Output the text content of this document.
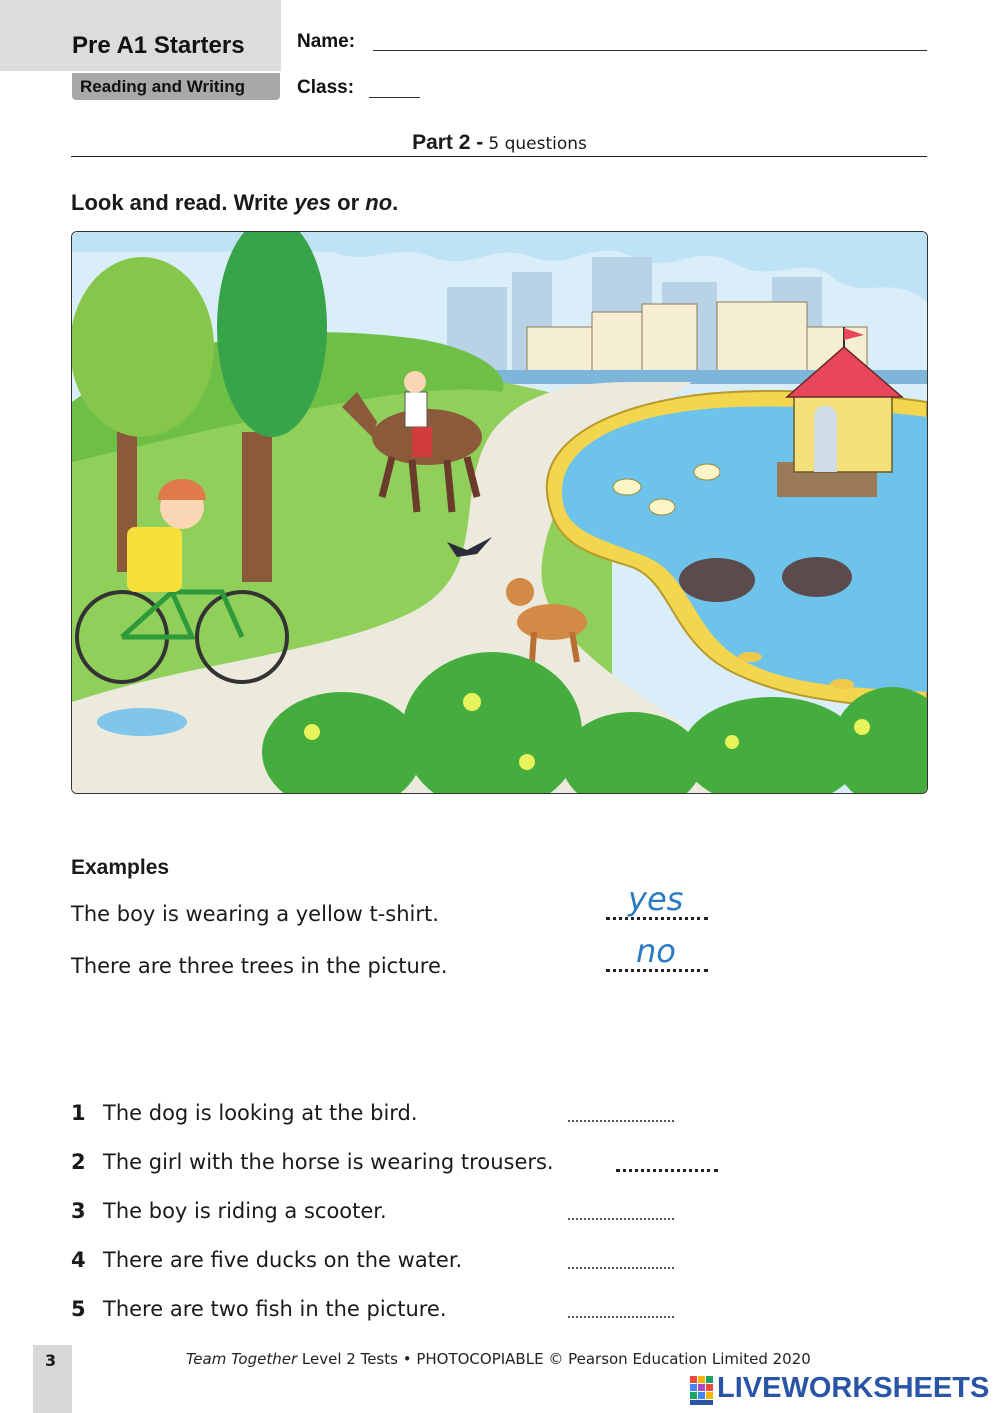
Pre A1 Starters
Reading and Writing
Name:
Class:
Part 2 - 5 questions
Look and read. Write yes or no.
Examples
The boy is wearing a yellow t-shirt.	yes
There are three trees in the picture.	no
1 The dog is looking at the bird.
2 The girl with the horse is wearing trousers.
3 The boy is riding a scooter.
4 There are five ducks on the water.
5 There are two fish in the picture.
3	Team Together Level 2 Tests • PHOTOCOPIABLE © Pearson Education Limited 2020
LIVEWORKSHEETS
